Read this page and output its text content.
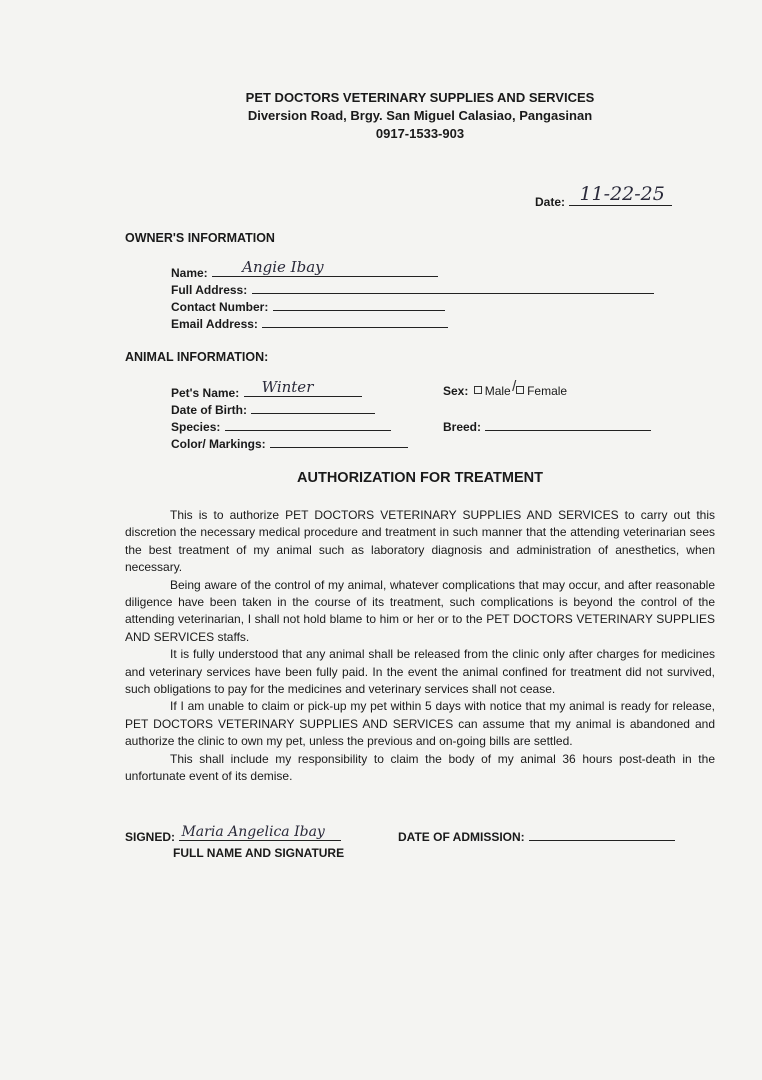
PET DOCTORS VETERINARY SUPPLIES AND SERVICES
Diversion Road, Brgy. San Miguel Calasiao, Pangasinan
0917-1533-903
Date: 11-22-25
OWNER'S INFORMATION
Name: Angie Ibay
Full Address:
Contact Number:
Email Address:
ANIMAL INFORMATION:
Pet's Name: Winter
Date of Birth:
Species:
Color/ Markings:
Sex: Male / Female
Breed:
AUTHORIZATION FOR TREATMENT

This is to authorize PET DOCTORS VETERINARY SUPPLIES AND SERVICES to carry out this discretion the necessary medical procedure and treatment in such manner that the attending veterinarian sees the best treatment of my animal such as laboratory diagnosis and administration of anesthetics, when necessary.

Being aware of the control of my animal, whatever complications that may occur, and after reasonable diligence have been taken in the course of its treatment, such complications is beyond the control of the attending veterinarian, I shall not hold blame to him or her or to the PET DOCTORS VETERINARY SUPPLIES AND SERVICES staffs.

It is fully understood that any animal shall be released from the clinic only after charges for medicines and veterinary services have been fully paid. In the event the animal confined for treatment did not survived, such obligations to pay for the medicines and veterinary services shall not cease.

If I am unable to claim or pick-up my pet within 5 days with notice that my animal is ready for release, PET DOCTORS VETERINARY SUPPLIES AND SERVICES can assume that my animal is abandoned and authorize the clinic to own my pet, unless the previous and on-going bills are settled.

This shall include my responsibility to claim the body of my animal 36 hours post-death in the unfortunate event of its demise.

SIGNED: Maria Angelica Ibay
FULL NAME AND SIGNATURE
DATE OF ADMISSION:
